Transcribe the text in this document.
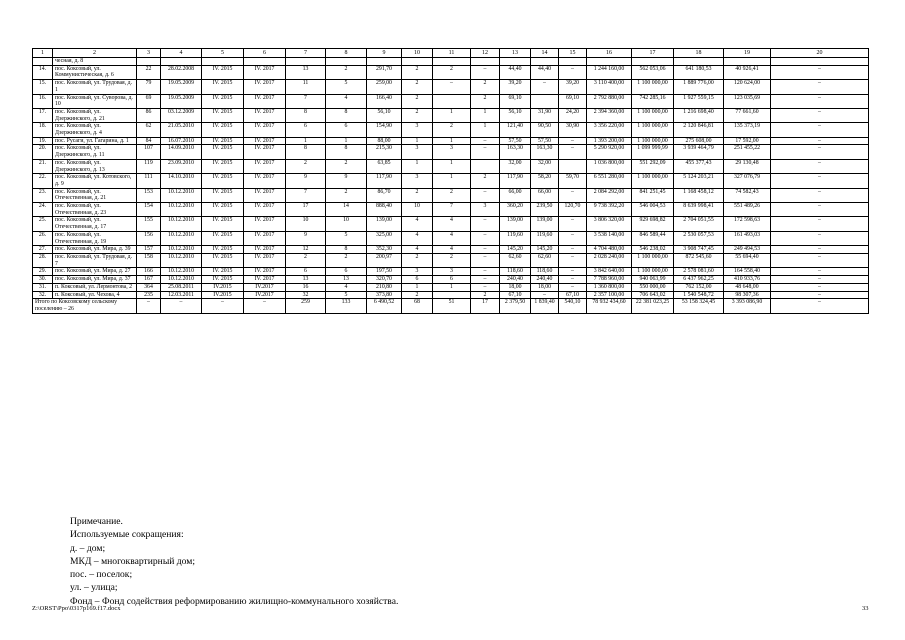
1	2	3	4	5	6	7	8	9	10	11	12	13	14	15	16	17	18	19	20
	чесная, д. 8																		
14.	пос. Коксовый, ул. Коммунистическая, д. 6	22	28.02.2008	IV. 2015	IV. 2017	13	2	291,70	2	2	–	44,40	44,40	–	1 244 160,00	562 053,06	641 180,53	40 926,41	–
15.	пос. Коксовый, ул. Трудовая, д. 1	79	19.05.2009	IV. 2015	IV. 2017	11	5	259,00	2	–	2	39,20	–	39,20	3 110 400,00	1 100 000,00	1 889 776,00	120 624,00	–
16.	пос. Коксовый, ул. Суворова, д. 10	69	19.05.2009	IV. 2015	IV. 2017	7	4	166,40	2		2	69,10		69,10	2 792 880,00	742 285,16	1 927 559,15	123 035,69	–
17.	пос. Коксовый, ул. Дзержинского, д. 21	86	03.12.2009	IV. 2015	IV. 2017	8	8	56,10	2	1	1	56,10	31,90	24,20	2 394 360,00	1 100 000,00	1 216 698,40	77 661,60	–
18.	пос. Коксовый, ул. Дзержинского, д. 4	62	21.05.2010	IV. 2015	IV. 2017	6	6	154,90	3	2	1	121,40	90,50	30,90	3 356 220,00	1 100 000,00	2 120 846,81	135 373,19	–
19.	пос. Русаги, ул. Гагарина, д. 1	84	16.07.2010	IV. 2015	IV. 2017	1	1	88,00	1	1	–	57,50	57,50	–	1 393 200,00	1 100 000,00	275 608,00	17 592,00	–
20.	пос. Коксовый, ул. Дзержинского, д. 11	107	14.09.2010	IV. 2015	IV. 2017	8	8	215,30	3	3	–	163,30	163,30	–	5 290 920,00	1 099 999,99	3 939 464,79	251 455,22	–
21.	пос. Коксовый, ул. Дзержинского, д. 13	119	23.09.2010	IV. 2015	IV. 2017	2	2	63,85	1	1		32,00	32,00		1 036 800,00	551 292,09	455 377,43	29 130,48	–
22.	пос. Коксовый, ул. Котовского, д. 9	111	14.10.2010	IV. 2015	IV. 2017	9	9	117,90	3	1	2	117,90	58,20	59,70	6 551 280,00	1 100 000,00	5 124 203,21	327 076,79	–
23.	пос. Коксовый, ул. Отечественная, д. 21	153	10.12.2010	IV. 2015	IV. 2017	7	2	86,70	2	2	–	66,00	66,00	–	2 084 292,00	841 251,45	1 168 458,12	74 582,43	–
24.	пос. Коксовый, ул. Отечественная, д. 23	154	10.12.2010	IV. 2015	IV. 2017	17	14	888,40	10	7	3	360,20	239,50	120,70	9 738 392,20	546 004,53	8 639 998,41	551 489,26	–
25.	пос. Коксовый, ул. Отечественная, д. 17	155	10.12.2010	IV. 2015	IV. 2017	10	10	139,00	4	4	–	139,00	139,00	–	3 806 320,00	929 698,82	2 704 051,55	172 598,63	–
26.	пос. Коксовый, ул. Отечественная, д. 19	156	10.12.2010	IV. 2015	IV. 2017	9	5	325,00	4	4	–	119,60	119,60	–	3 538 140,00	846 589,44	2 530 057,53	161 493,03	–
27.	пос. Коксовый, ул. Мира, д. 39	157	10.12.2010	IV. 2015	IV. 2017	12	8	352,30	4	4	–	145,20	145,20	–	4 704 480,00	546 238,02	3 908 747,45	249 494,53	–
28.	пос. Коксовый, ул. Трудовая, д. 7	158	10.12.2010	IV. 2015	IV. 2017	2	2	200,97	2	2	–	62,60	62,60	–	2 028 240,00	1 100 000,00	872 545,60	55 694,40	–
29.	пос. Коксовый, ул. Мира, д. 27	166	10.12.2010	IV. 2015	IV. 2017	6	6	197,50	3	3	–	118,60	118,60	–	3 842 640,00	1 100 000,00	2 578 081,60	164 558,40	–
30.	пос. Коксовый, ул. Мира, д. 37	167	10.12.2010	IV. 2015	IV. 2017	13	13	320,70	6	6	–	240,40	240,40	–	7 788 960,00	940 063,99	6 437 962,25	410 933,76	–
31.	п. Коксовый, ул. Лермонтова, 2	364	25.08.2011	IV.2015	IV.2017	16	4	210,80	1	1	–	18,00	18,00	–	1 360 800,00	550 000,00	762 152,00	48 648,00	–
32.	п. Коксовый, ул. Чехова, 4	235	12.03.2011	IV.2015	IV.2017	32	5	373,80	2		2	67,10	–	67,10	2 357 100,00	706 643,02	1 540 548,72	98 307,36	–
Итого по Коксовскому сельскому поселению – 26		–	–	–	–	259	133	6 490,52	68	51	17	2 379,50	1 839,40	540,10	78 932 434,60	22 381 023,25	53 158 324,45	3 393 086,90	–
Примечание.
Используемые сокращения:
д. – дом;
МКД – многоквартирный дом;
пос. – поселок;
ул. – улица;
Фонд – Фонд содействия реформированию жилищно-коммунального хозяйства.
Z:\ORST\Ppo\0317p169.f17.docx	33
